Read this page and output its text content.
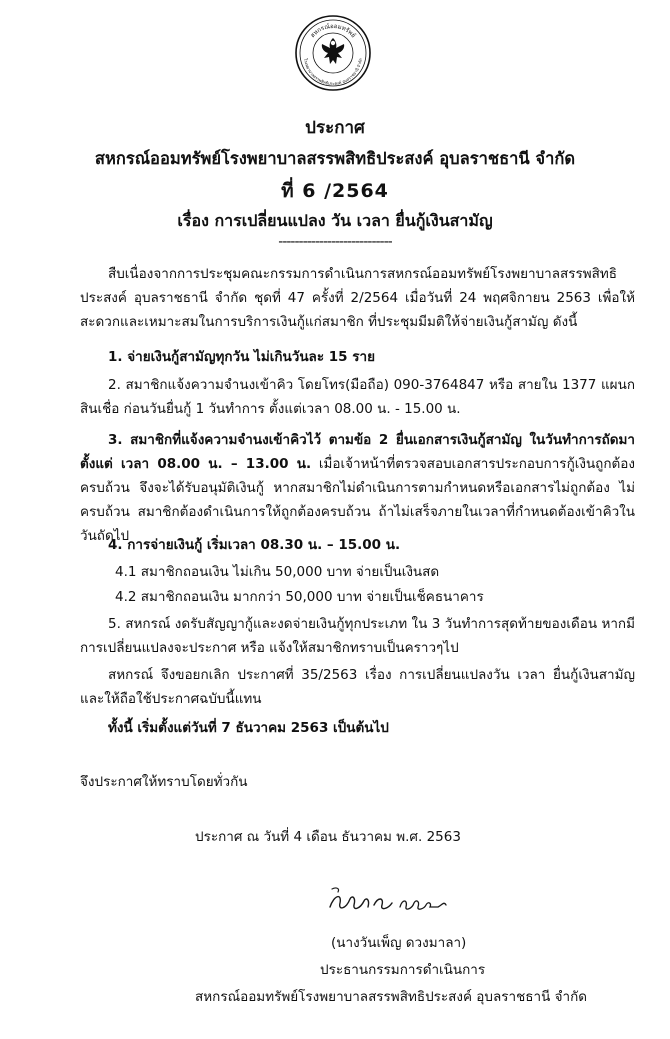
สหกรณ์ออมทรัพย์
โรงพยาบาลสรรพสิทธิประสงค์ อุบลราชธานี จำกัด
ประกาศ
สหกรณ์ออมทรัพย์โรงพยาบาลสรรพสิทธิประสงค์ อุบลราชธานี จำกัด
ที่ 6 /2564
เรื่อง การเปลี่ยนแปลง วัน เวลา ยื่นกู้เงินสามัญ
----------------------------
สืบเนื่องจากการประชุมคณะกรรมการดำเนินการสหกรณ์ออมทรัพย์โรงพยาบาลสรรพสิทธิประสงค์ อุบลราชธานี จำกัด ชุดที่ 47 ครั้งที่ 2/2564 เมื่อวันที่ 24 พฤศจิกายน 2563 เพื่อให้สะดวกและเหมาะสมในการบริการเงินกู้แก่สมาชิก ที่ประชุมมีมติให้จ่ายเงินกู้สามัญ ดังนี้
1. จ่ายเงินกู้สามัญทุกวัน ไม่เกินวันละ 15 ราย
2. สมาชิกแจ้งความจำนงเข้าคิว โดยโทร(มือถือ) 090-3764847 หรือ สายใน 1377 แผนกสินเชื่อ ก่อนวันยื่นกู้ 1 วันทำการ ตั้งแต่เวลา 08.00 น. - 15.00 น.
3. สมาชิกที่แจ้งความจำนงเข้าคิวไว้ ตามข้อ 2 ยื่นเอกสารเงินกู้สามัญ ในวันทำการถัดมา ตั้งแต่ เวลา 08.00 น. – 13.00 น. เมื่อเจ้าหน้าที่ตรวจสอบเอกสารประกอบการกู้เงินถูกต้องครบถ้วน จึงจะได้รับอนุมัติเงินกู้ หากสมาชิกไม่ดำเนินการตามกำหนดหรือเอกสารไม่ถูกต้อง ไม่ครบถ้วน สมาชิกต้องดำเนินการให้ถูกต้องครบถ้วน ถ้าไม่เสร็จภายในเวลาที่กำหนดต้องเข้าคิวในวันถัดไป
4. การจ่ายเงินกู้ เริ่มเวลา 08.30 น. – 15.00 น.
4.1 สมาชิกถอนเงิน ไม่เกิน 50,000 บาท จ่ายเป็นเงินสด
4.2 สมาชิกถอนเงิน มากกว่า 50,000 บาท จ่ายเป็นเช็คธนาคาร
5. สหกรณ์ งดรับสัญญากู้และงดจ่ายเงินกู้ทุกประเภท ใน 3 วันทำการสุดท้ายของเดือน หากมีการเปลี่ยนแปลงจะประกาศ หรือ แจ้งให้สมาชิกทราบเป็นคราวๆไป
สหกรณ์ จึงขอยกเลิก ประกาศที่ 35/2563 เรื่อง การเปลี่ยนแปลงวัน เวลา ยื่นกู้เงินสามัญ และให้ถือใช้ประกาศฉบับนี้แทน
ทั้งนี้ เริ่มตั้งแต่วันที่ 7 ธันวาคม 2563 เป็นต้นไป
จึงประกาศให้ทราบโดยทั่วกัน
ประกาศ ณ วันที่ 4 เดือน ธันวาคม พ.ศ. 2563
(นางวันเพ็ญ ดวงมาลา)
ประธานกรรมการดำเนินการ
สหกรณ์ออมทรัพย์โรงพยาบาลสรรพสิทธิประสงค์ อุบลราชธานี จำกัด
